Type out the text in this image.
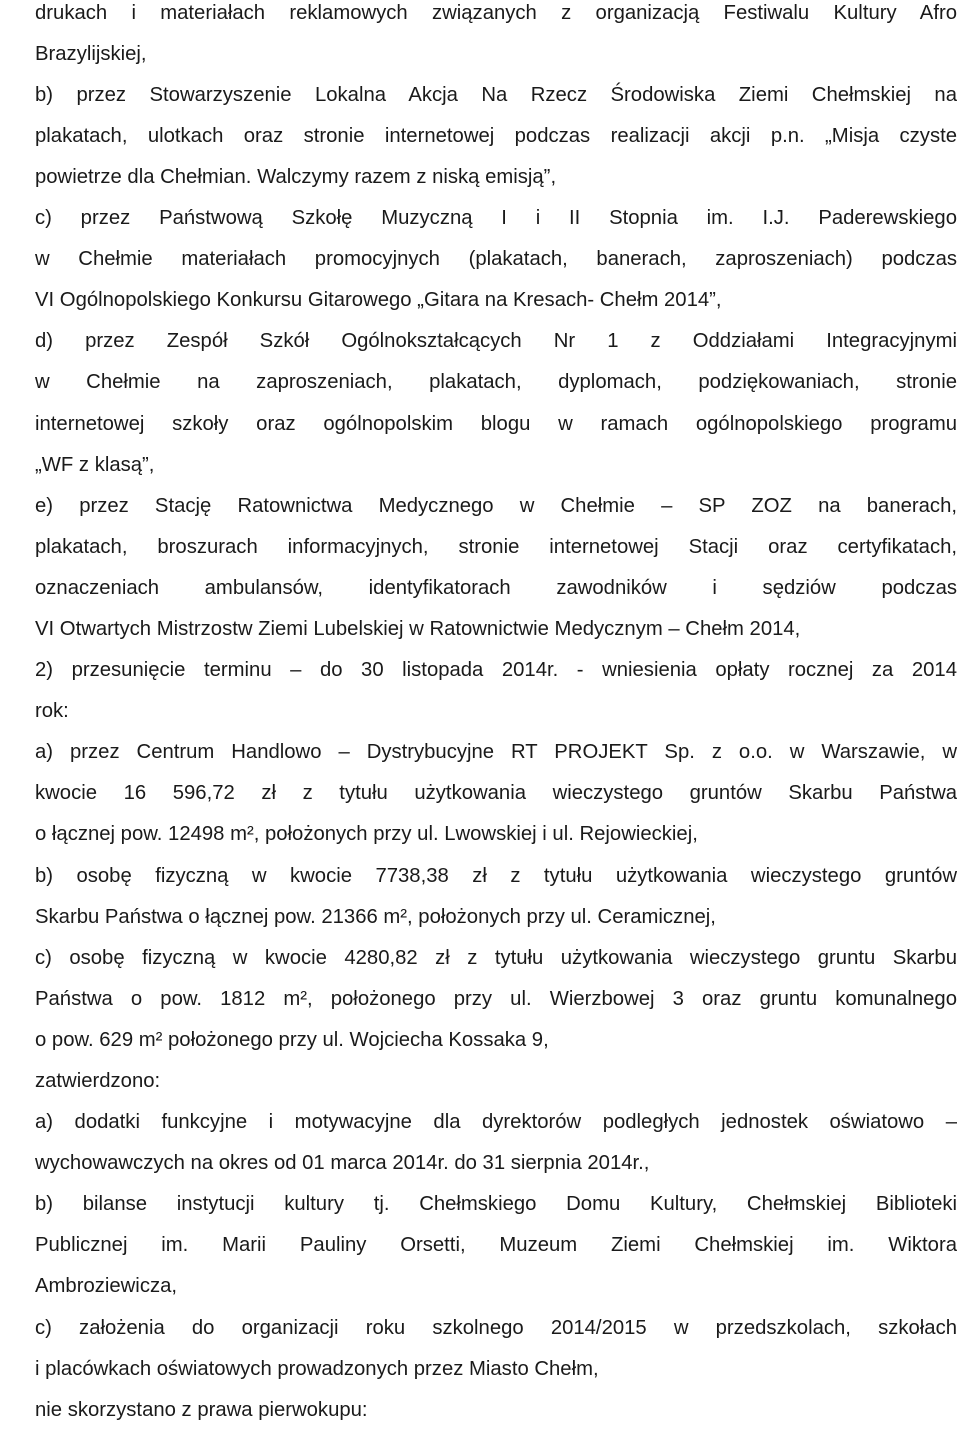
drukach i materiałach reklamowych związanych z organizacją Festiwalu Kultury Afro
Brazylijskiej,
b) przez Stowarzyszenie Lokalna Akcja Na Rzecz Środowiska Ziemi Chełmskiej na
plakatach, ulotkach oraz stronie internetowej podczas realizacji akcji p.n. „Misja czyste
powietrze dla Chełmian. Walczymy razem z niską emisją”,
c) przez Państwową Szkołę Muzyczną I i II Stopnia im. I.J. Paderewskiego
w Chełmie materiałach promocyjnych (plakatach, banerach, zaproszeniach) podczas
VI Ogólnopolskiego Konkursu Gitarowego „Gitara na Kresach- Chełm 2014”,
d) przez Zespół Szkół Ogólnokształcących Nr 1 z Oddziałami Integracyjnymi
w Chełmie na zaproszeniach, plakatach, dyplomach, podziękowaniach, stronie
internetowej szkoły oraz ogólnopolskim blogu w ramach ogólnopolskiego programu
„WF z klasą”,
e) przez Stację Ratownictwa Medycznego w Chełmie – SP ZOZ na banerach,
plakatach, broszurach informacyjnych, stronie internetowej Stacji oraz certyfikatach,
oznaczeniach ambulansów, identyfikatorach zawodników i sędziów podczas
VI Otwartych Mistrzostw Ziemi Lubelskiej w Ratownictwie Medycznym – Chełm 2014,
2) przesunięcie terminu – do 30 listopada 2014r. - wniesienia opłaty rocznej za 2014
rok:
a) przez Centrum Handlowo – Dystrybucyjne RT PROJEKT Sp. z o.o. w Warszawie, w
kwocie 16 596,72 zł z tytułu użytkowania wieczystego gruntów Skarbu Państwa
o łącznej pow. 12498 m², położonych przy ul. Lwowskiej i ul. Rejowieckiej,
b) osobę fizyczną w kwocie 7738,38 zł z tytułu użytkowania wieczystego gruntów
Skarbu Państwa o łącznej pow. 21366 m², położonych przy ul. Ceramicznej,
c) osobę fizyczną w kwocie 4280,82 zł z tytułu użytkowania wieczystego gruntu Skarbu
Państwa o pow. 1812 m², położonego przy ul. Wierzbowej 3 oraz gruntu komunalnego
o pow. 629 m² położonego przy ul. Wojciecha Kossaka 9,
zatwierdzono:
a) dodatki funkcyjne i motywacyjne dla dyrektorów podległych jednostek oświatowo –
wychowawczych na okres od 01 marca 2014r. do 31 sierpnia 2014r.,
b) bilanse instytucji kultury tj. Chełmskiego Domu Kultury, Chełmskiej Biblioteki
Publicznej im. Marii Pauliny Orsetti, Muzeum Ziemi Chełmskiej im. Wiktora
Ambroziewicza,
c) założenia do organizacji roku szkolnego 2014/2015 w przedszkolach, szkołach
i placówkach oświatowych prowadzonych przez Miasto Chełm,
nie skorzystano z prawa pierwokupu:
